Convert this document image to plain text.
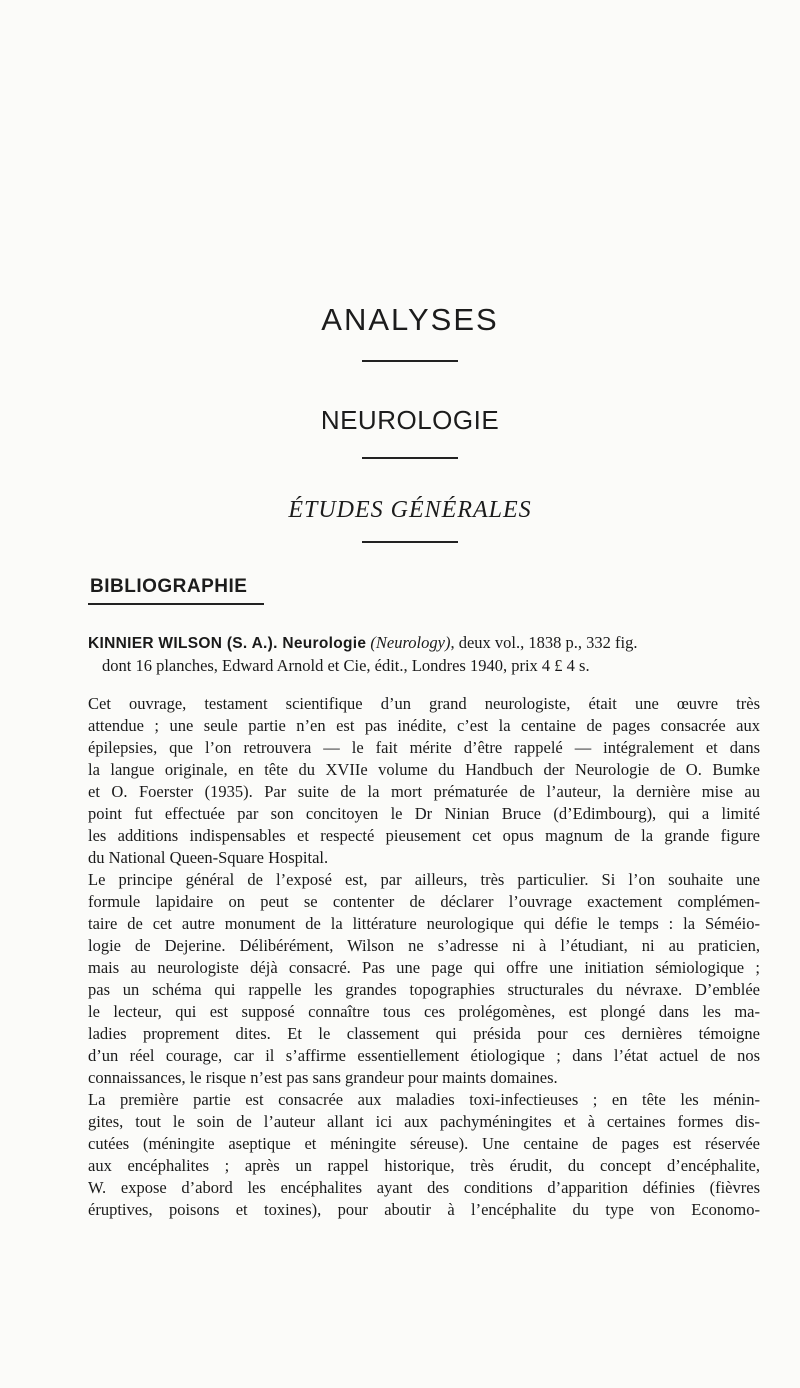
ANALYSES
NEUROLOGIE
ÉTUDES GÉNÉRALES
BIBLIOGRAPHIE
KINNIER WILSON (S. A.). Neurologie (Neurology), deux vol., 1838 p., 332 fig.
dont 16 planches, Edward Arnold et Cie, édit., Londres 1940, prix 4 £ 4 s.
Cet ouvrage, testament scientifique d’un grand neurologiste, était une œuvre très
attendue ; une seule partie n’en est pas inédite, c’est la centaine de pages consacrée aux
épilepsies, que l’on retrouvera — le fait mérite d’être rappelé — intégralement et dans
la langue originale, en tête du XVIIe volume du Handbuch der Neurologie de O. Bumke
et O. Foerster (1935). Par suite de la mort prématurée de l’auteur, la dernière mise au
point fut effectuée par son concitoyen le Dr Ninian Bruce (d’Edimbourg), qui a limité
les additions indispensables et respecté pieusement cet opus magnum de la grande figure
du National Queen-Square Hospital.
Le principe général de l’exposé est, par ailleurs, très particulier. Si l’on souhaite une
formule lapidaire on peut se contenter de déclarer l’ouvrage exactement complémen-
taire de cet autre monument de la littérature neurologique qui défie le temps : la Séméio-
logie de Dejerine. Délibérément, Wilson ne s’adresse ni à l’étudiant, ni au praticien,
mais au neurologiste déjà consacré. Pas une page qui offre une initiation sémiologique ;
pas un schéma qui rappelle les grandes topographies structurales du névraxe. D’emblée
le lecteur, qui est supposé connaître tous ces prolégomènes, est plongé dans les ma-
ladies proprement dites. Et le classement qui présida pour ces dernières témoigne
d’un réel courage, car il s’affirme essentiellement étiologique ; dans l’état actuel de nos
connaissances, le risque n’est pas sans grandeur pour maints domaines.
La première partie est consacrée aux maladies toxi-infectieuses ; en tête les ménin-
gites, tout le soin de l’auteur allant ici aux pachyméningites et à certaines formes dis-
cutées (méningite aseptique et méningite séreuse). Une centaine de pages est réservée
aux encéphalites ; après un rappel historique, très érudit, du concept d’encéphalite,
W. expose d’abord les encéphalites ayant des conditions d’apparition définies (fièvres
éruptives, poisons et toxines), pour aboutir à l’encéphalite du type von Economo-
